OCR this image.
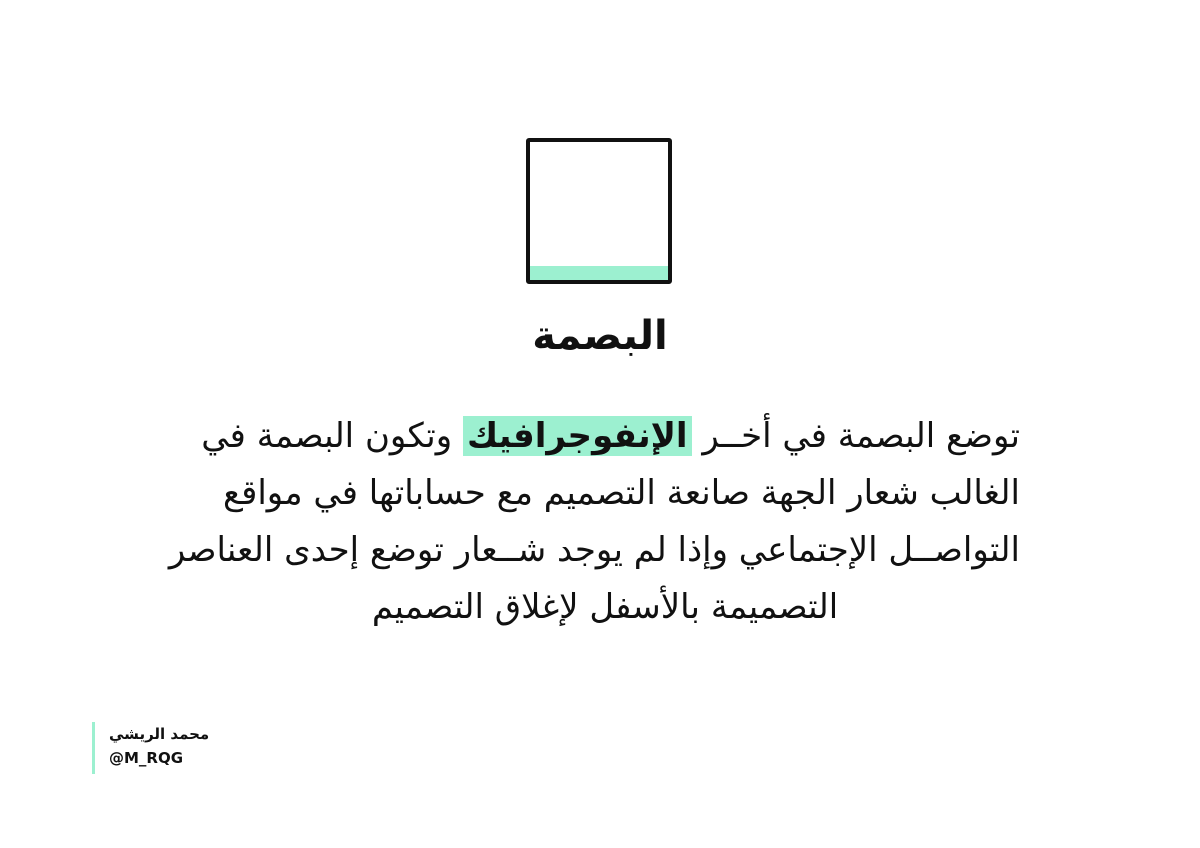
البصمة

توضع البصمة في أخــر الإنفوجرافيك وتكون البصمة في
الغالب شعار الجهة صانعة التصميم مع حساباتها في مواقع
التواصــل الإجتماعي وإذا لم يوجد شــعار توضع إحدى العناصر
التصميمة بالأسفل لإغلاق التصميم

محمد الريشي
@M_RQG
